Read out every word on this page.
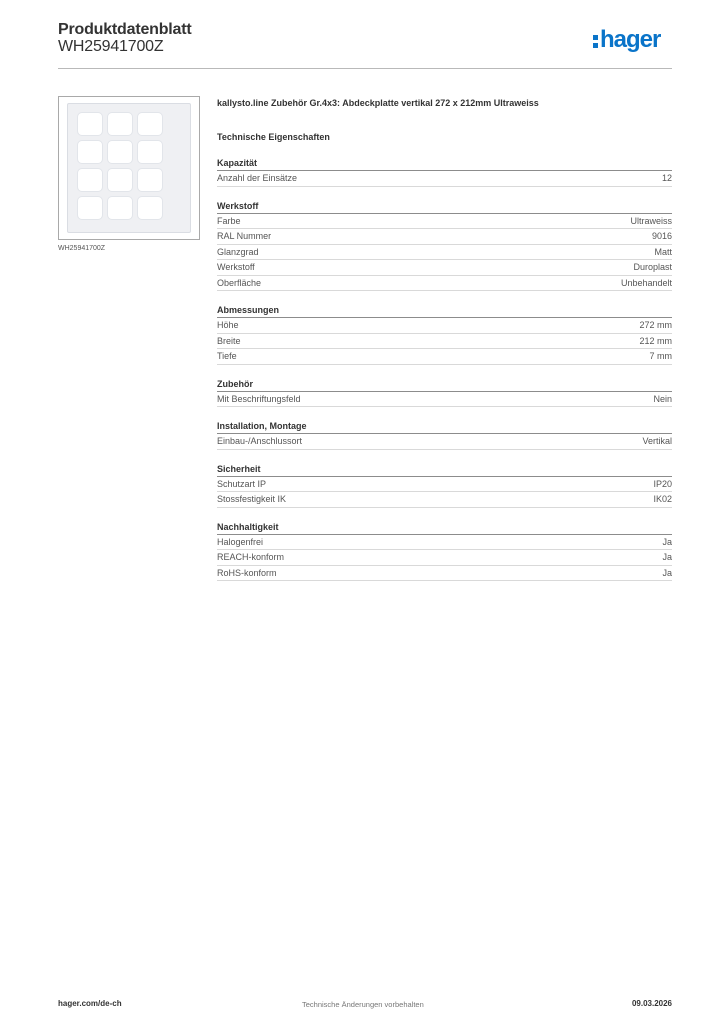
Produktdatenblatt
WH25941700Z	hager
WH25941700Z

kallysto.line Zubehör Gr.4x3: Abdeckplatte vertikal 272 x 212mm Ultraweiss

Technische Eigenschaften

Kapazität
Anzahl der Einsätze	12
Werkstoff
Farbe	Ultraweiss
RAL Nummer	9016
Glanzgrad	Matt
Werkstoff	Duroplast
Oberfläche	Unbehandelt
Abmessungen
Höhe	272 mm
Breite	212 mm
Tiefe	7 mm
Zubehör
Mit Beschriftungsfeld	Nein
Installation, Montage
Einbau-/Anschlussort	Vertikal
Sicherheit
Schutzart IP	IP20
Stossfestigkeit IK	IK02
Nachhaltigkeit
Halogenfrei	Ja
REACH-konform	Ja
RoHS-konform	Ja
hager.com/de-ch	Technische Änderungen vorbehalten	09.03.2026
